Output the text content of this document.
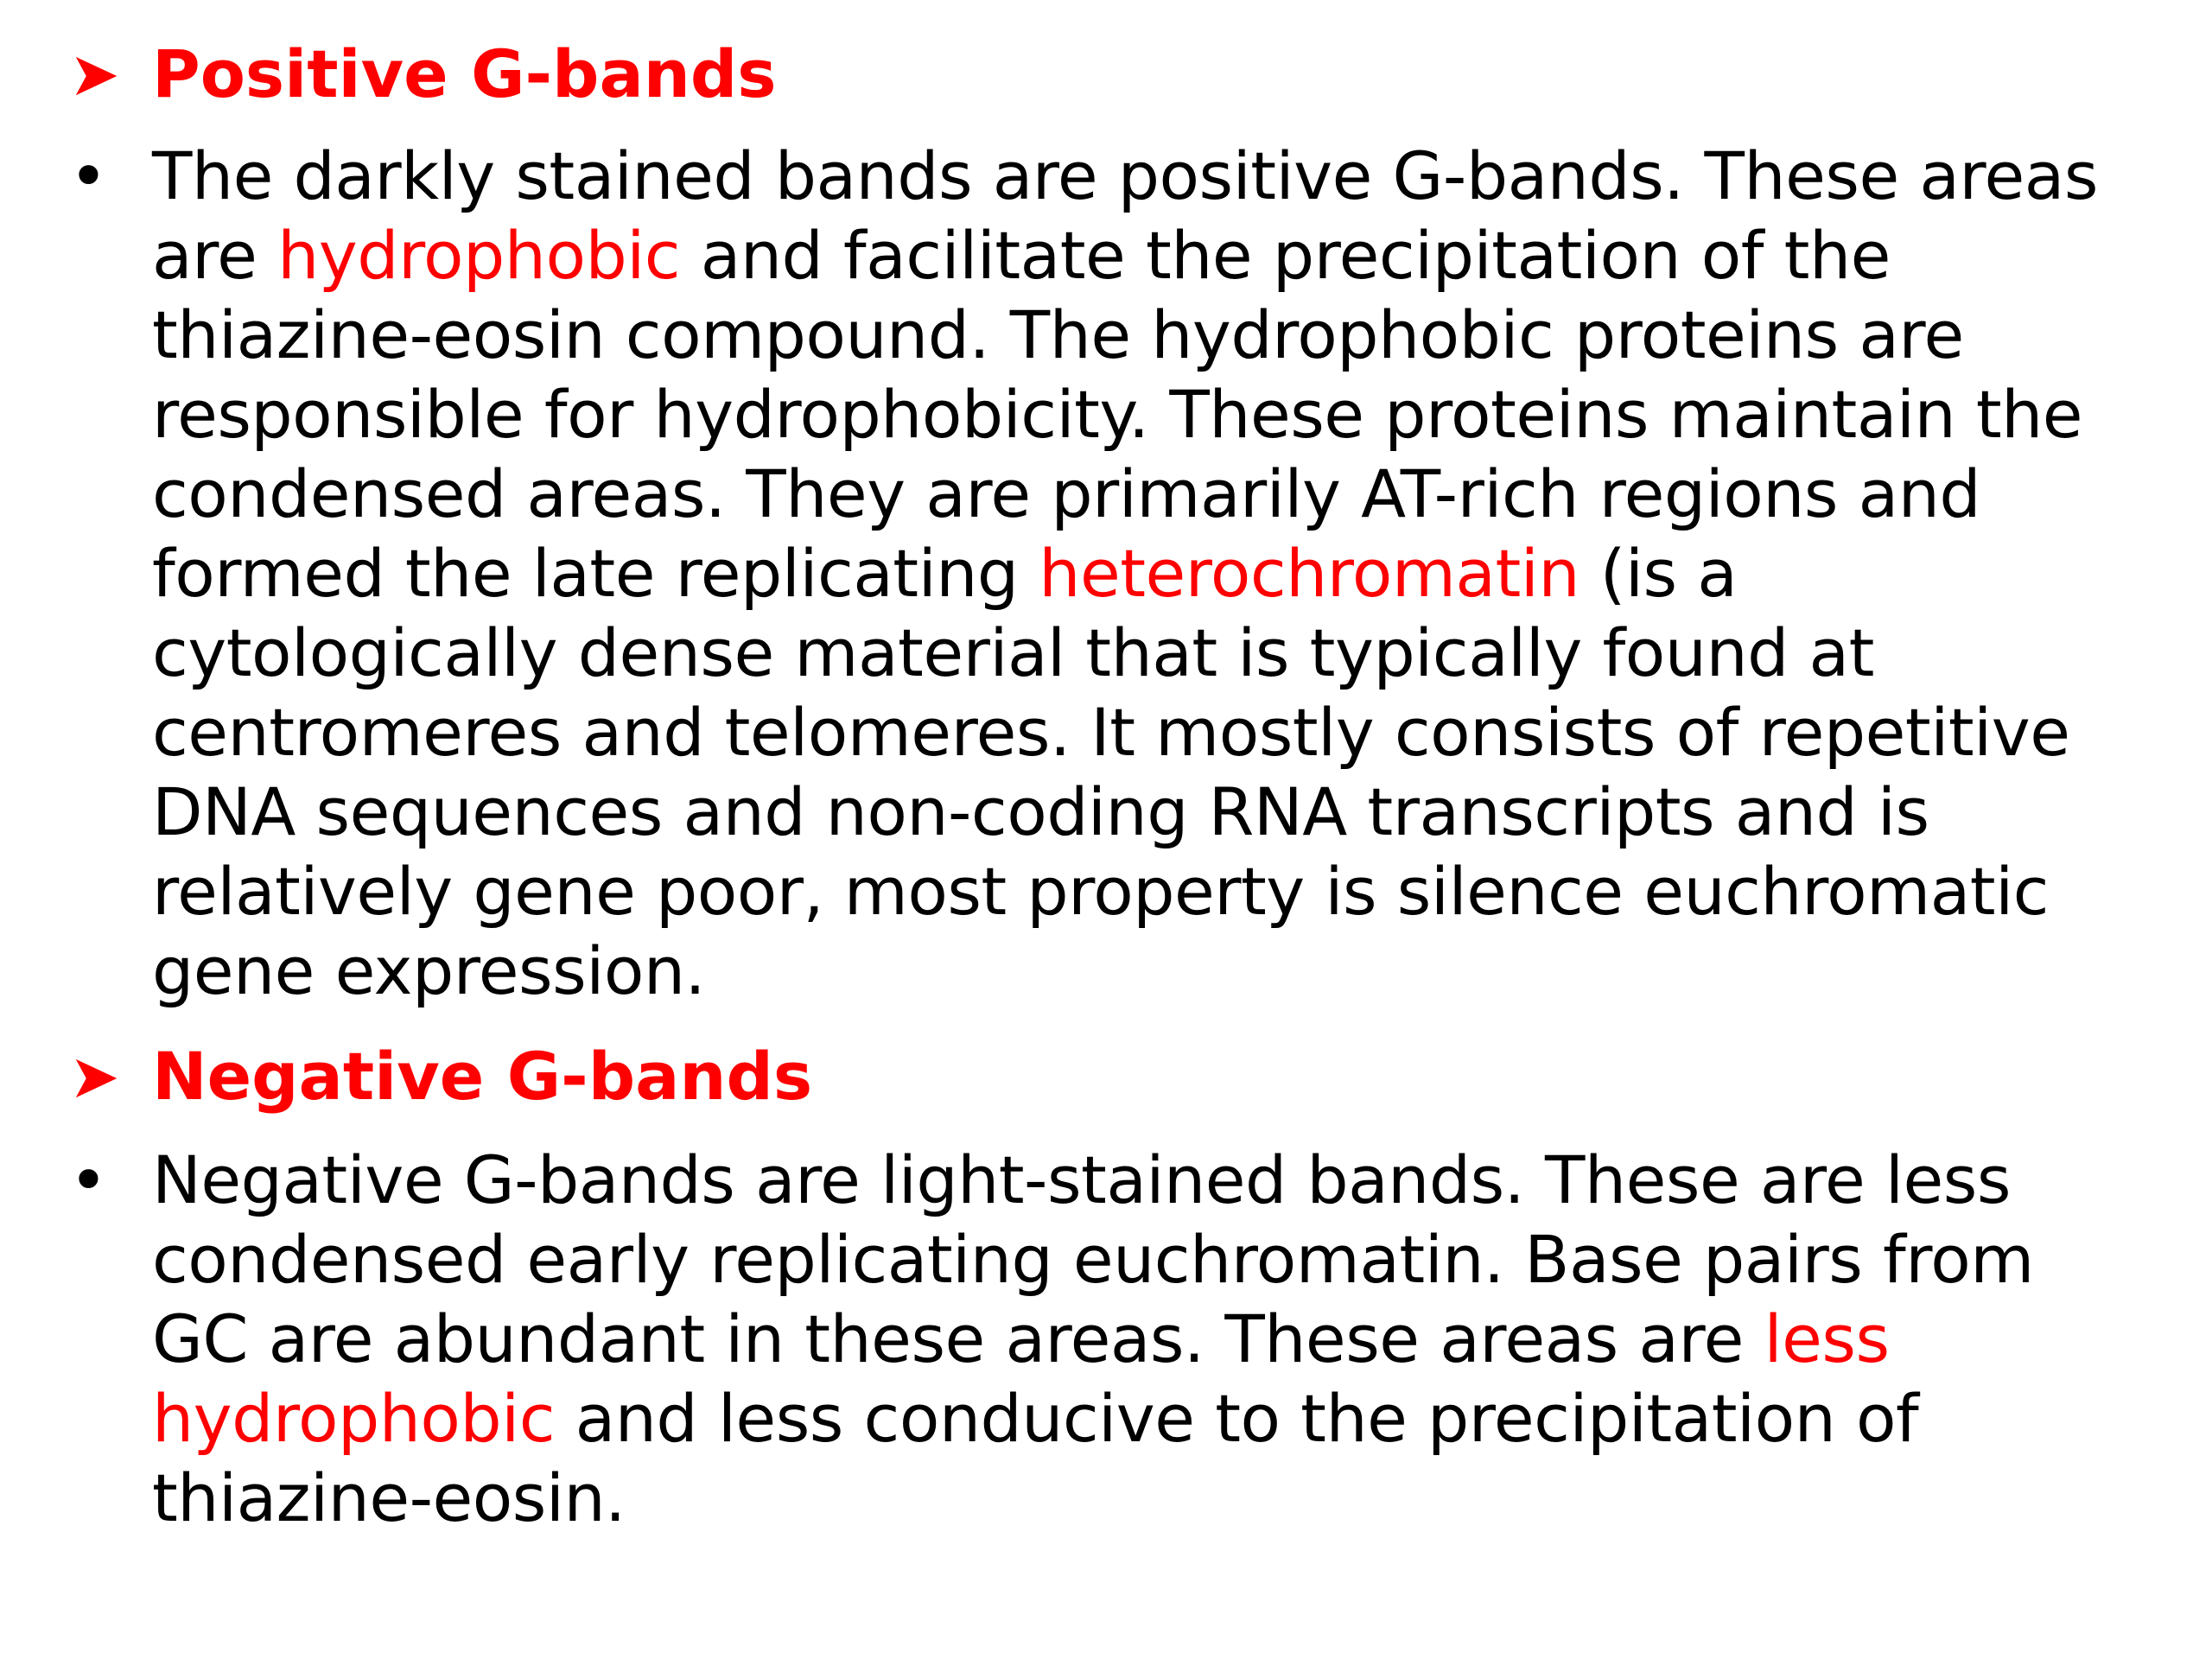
➤ Positive G-bands
• The darkly stained bands are positive G-bands. These areas are hydrophobic and facilitate the precipitation of the thiazine-eosin compound. The hydrophobic proteins are responsible for hydrophobicity. These proteins maintain the condensed areas. They are primarily AT-rich regions and formed the late replicating heterochromatin (is a cytologically dense material that is typically found at centromeres and telomeres. It mostly consists of repetitive DNA sequences and non-coding RNA transcripts and is relatively gene poor, most property is silence euchromatic gene expression.
➤ Negative G-bands
• Negative G-bands are light-stained bands. These are less condensed early replicating euchromatin. Base pairs from GC are abundant in these areas. These areas are less hydrophobic and less conducive to the precipitation of thiazine-eosin.
